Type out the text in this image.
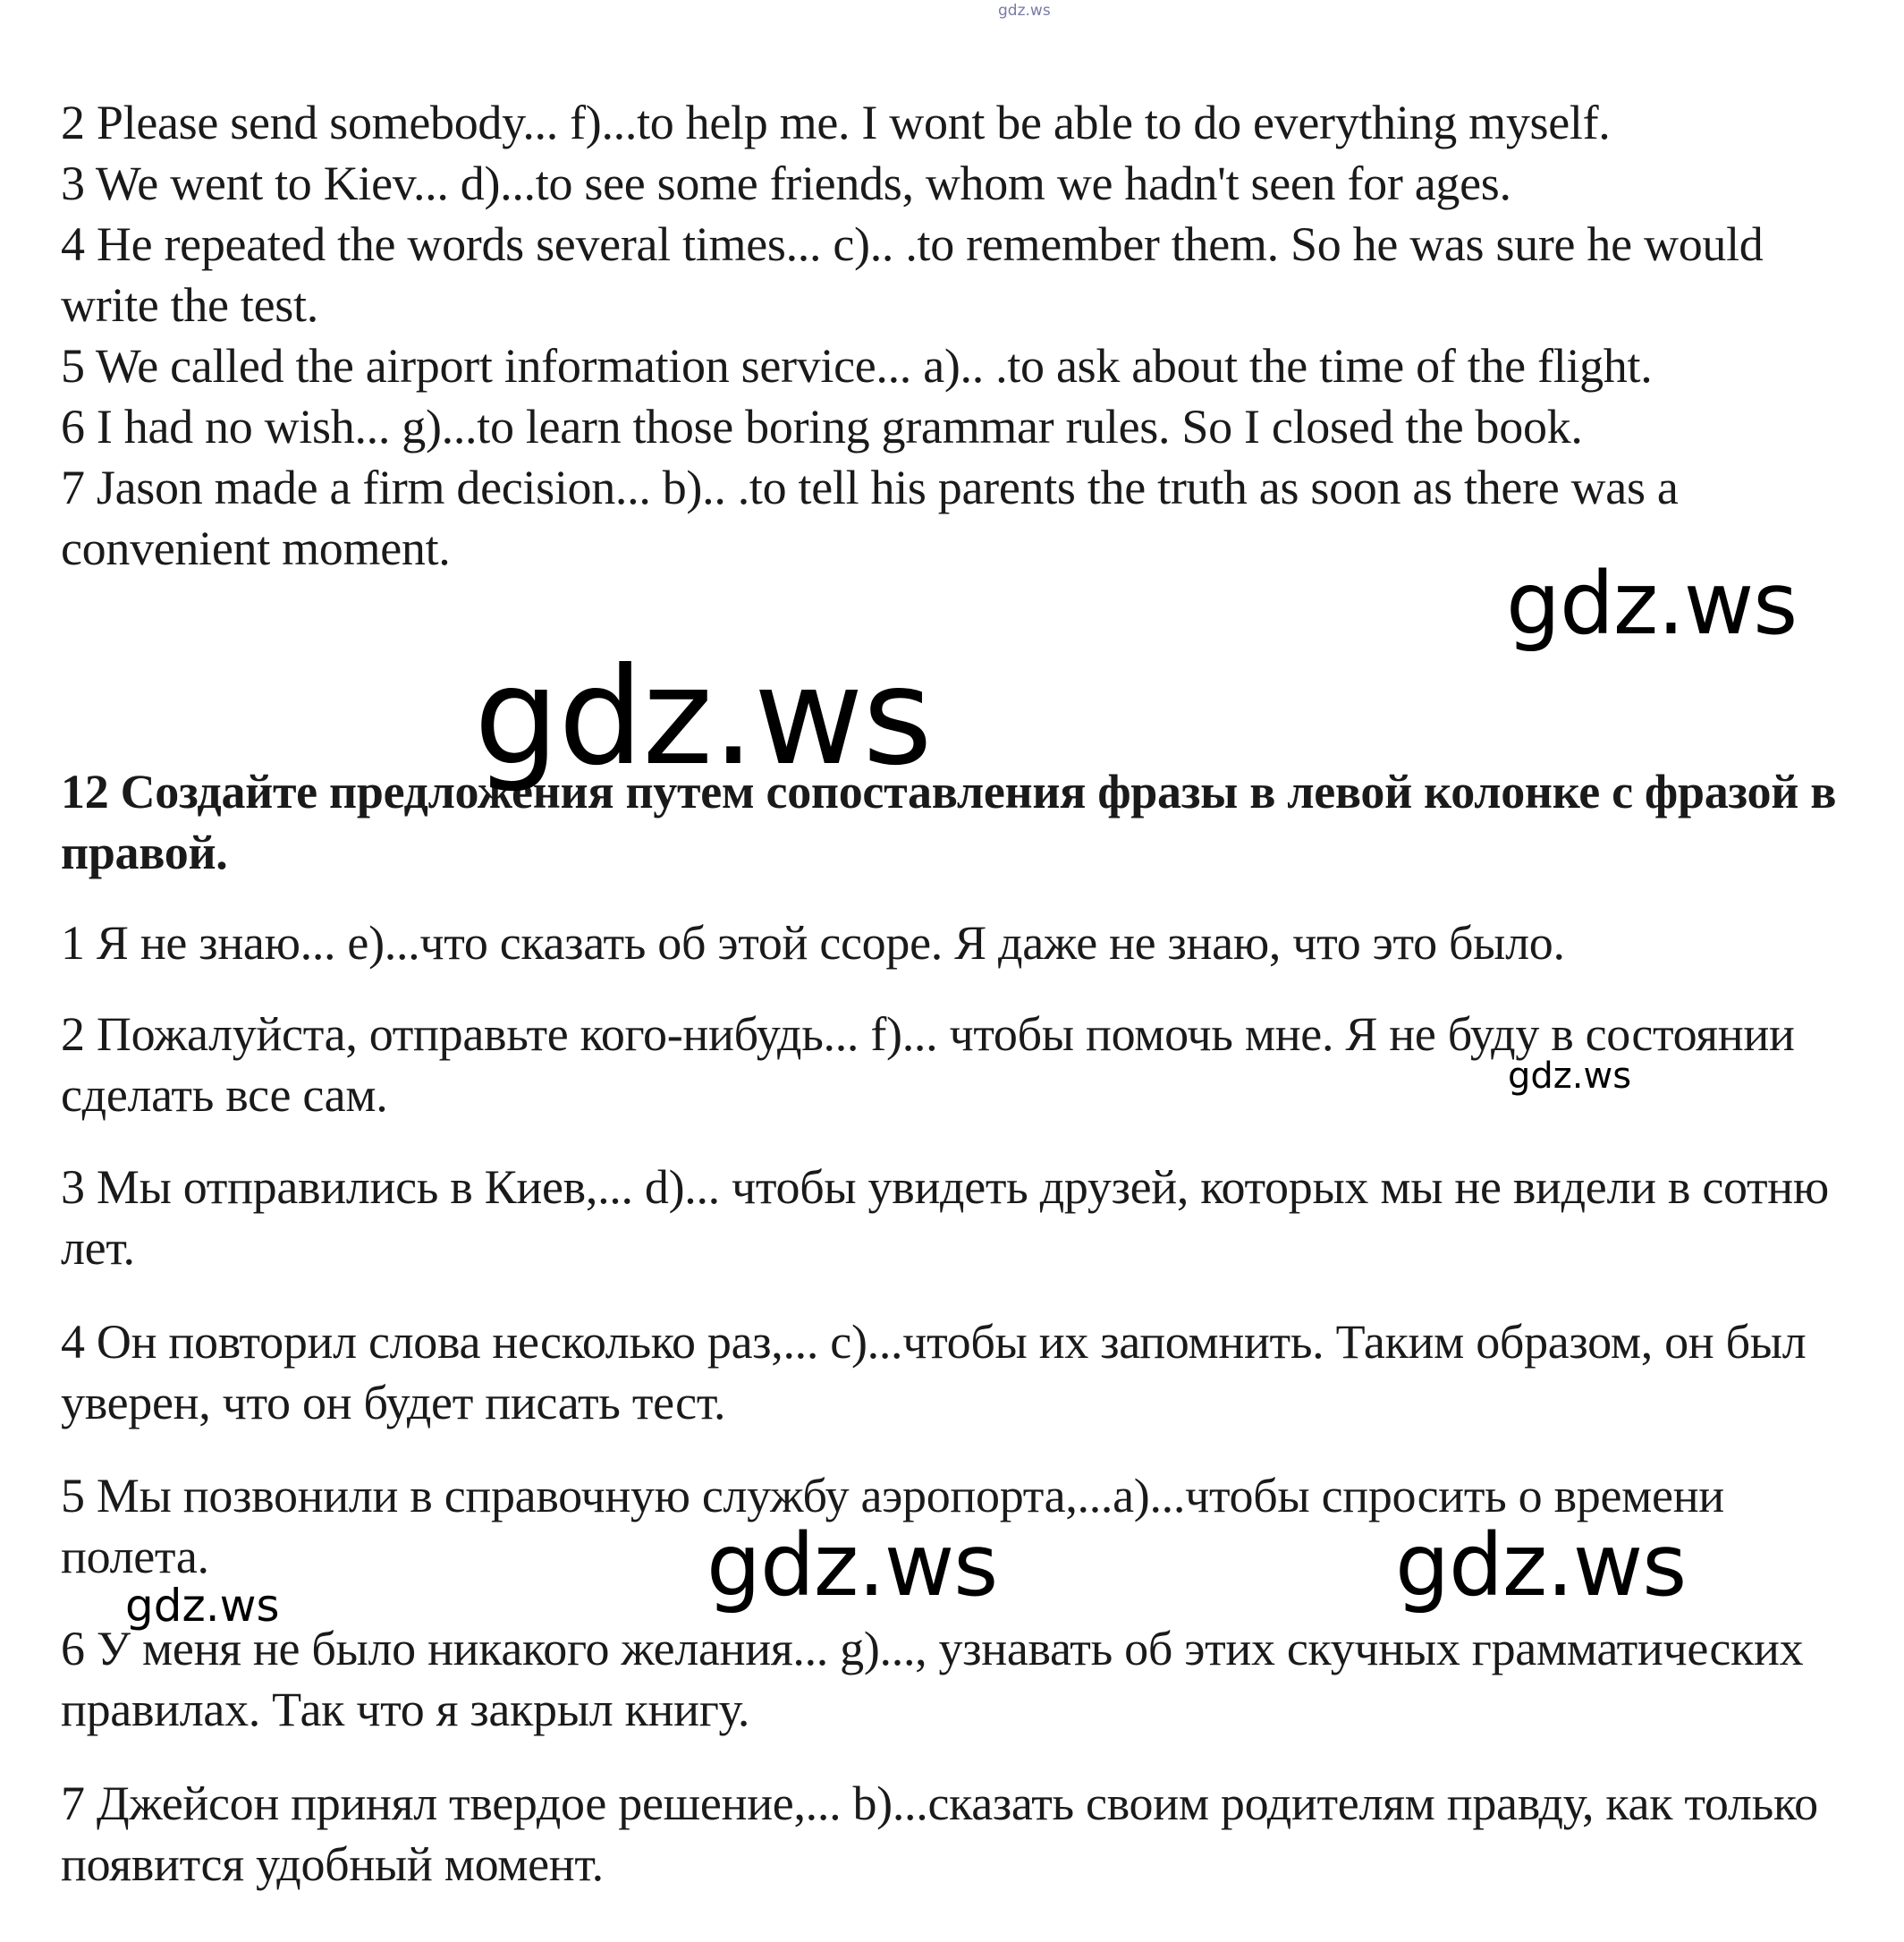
gdz.ws

2 Please send somebody... f)...to help me. I wont be able to do everything myself.

3 We went to Kiev... d)...to see some friends, whom we hadn't seen for ages.

4 He repeated the words several times... c).. .to remember them. So he was sure he would write the test.

5 We called the airport information service... a).. .to ask about the time of the flight.

6 I had no wish... g)...to learn those boring grammar rules. So I closed the book.

7 Jason made a firm decision... b).. .to tell his parents the truth as soon as there was a convenient moment.

12 Создайте предложения путем сопоставления фразы в левой колонке с фразой в правой.

1 Я не знаю... e)...что сказать об этой ссоре. Я даже не знаю, что это было.

2 Пожалуйста, отправьте кого-нибудь... f)... чтобы помочь мне. Я не буду в состоянии сделать все сам.

3 Мы отправились в Киев,... d)... чтобы увидеть друзей, которых мы не видели в сотню лет.

4 Он повторил слова несколько раз,... c)...чтобы их запомнить. Таким образом, он был уверен, что он будет писать тест.

5 Мы позвонили в справочную службу аэропорта,...a)...чтобы спросить о времени полета.

6 У меня не было никакого желания... g)..., узнавать об этих скучных грамматических правилах. Так что я закрыл книгу.

7 Джейсон принял твердое решение,... b)...сказать своим родителям правду, как только появится удобный момент.

gdz.ws
gdz.ws
gdz.ws
gdz.ws	gdz.ws
gdz.ws
